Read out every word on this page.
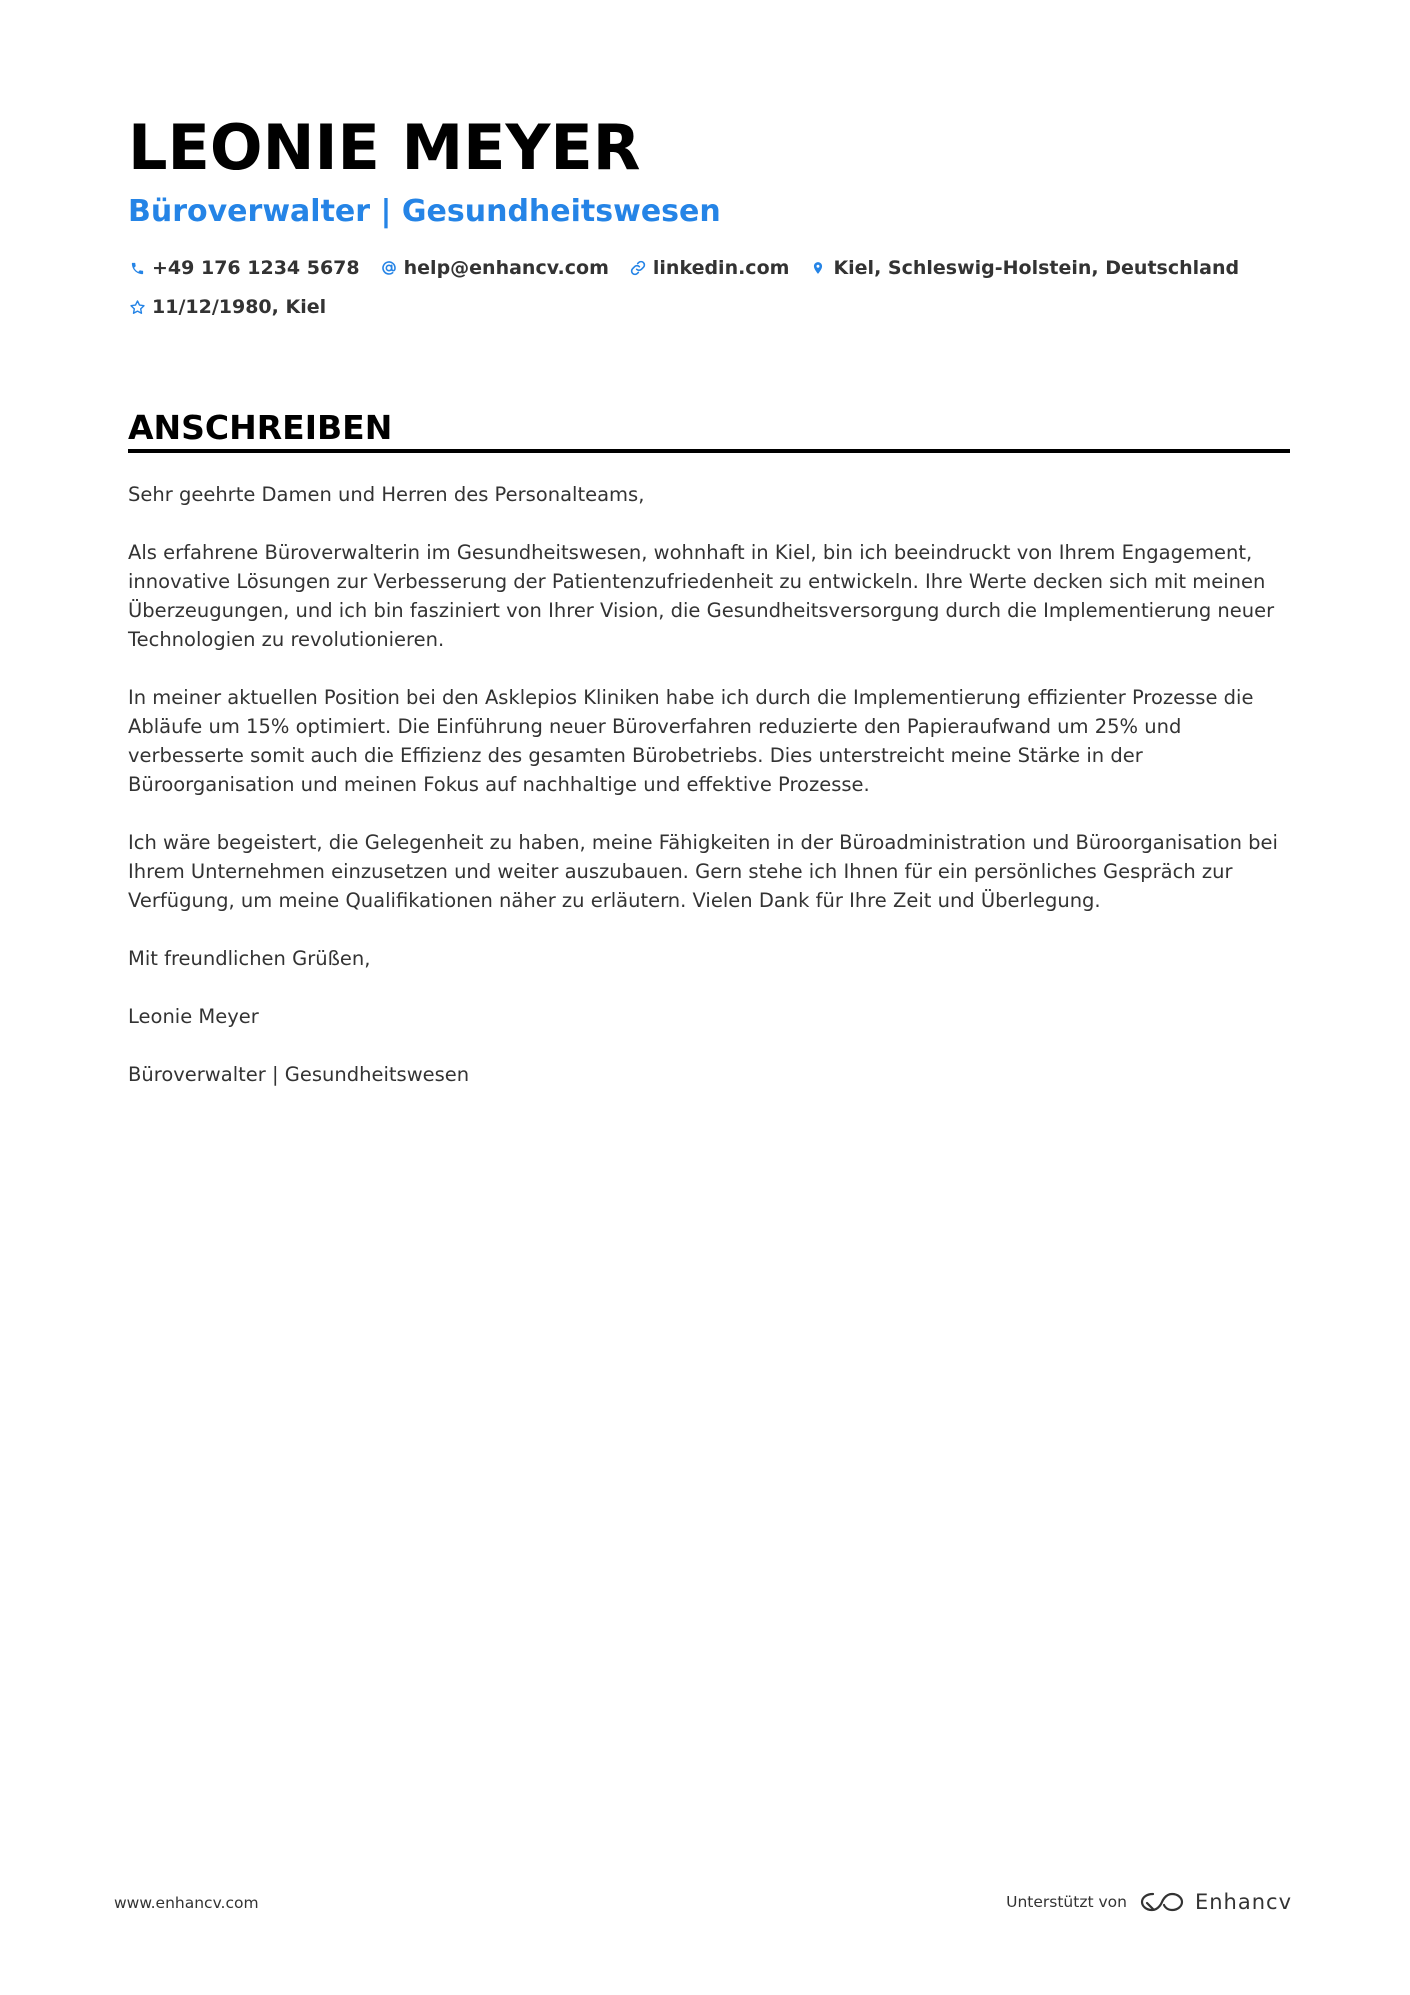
LEONIE MEYER
Büroverwalter | Gesundheitswesen
+49 176 1234 5678 help@enhancv.com linkedin.com Kiel, Schleswig-Holstein, Deutschland
11/12/1980, Kiel
ANSCHREIBEN

Sehr geehrte Damen und Herren des Personalteams,

Als erfahrene Büroverwalterin im Gesundheitswesen, wohnhaft in Kiel, bin ich beeindruckt von Ihrem Engagement, innovative Lösungen zur Verbesserung der Patientenzufriedenheit zu entwickeln. Ihre Werte decken sich mit meinen Überzeugungen, und ich bin fasziniert von Ihrer Vision, die Gesundheitsversorgung durch die Implementierung neuer Technologien zu revolutionieren.

In meiner aktuellen Position bei den Asklepios Kliniken habe ich durch die Implementierung effizienter Prozesse die Abläufe um 15% optimiert. Die Einführung neuer Büroverfahren reduzierte den Papieraufwand um 25% und verbesserte somit auch die Effizienz des gesamten Bürobetriebs. Dies unterstreicht meine Stärke in der Büroorganisation und meinen Fokus auf nachhaltige und effektive Prozesse.

Ich wäre begeistert, die Gelegenheit zu haben, meine Fähigkeiten in der Büroadministration und Büroorganisation bei Ihrem Unternehmen einzusetzen und weiter auszubauen. Gern stehe ich Ihnen für ein persönliches Gespräch zur Verfügung, um meine Qualifikationen näher zu erläutern. Vielen Dank für Ihre Zeit und Überlegung.

Mit freundlichen Grüßen,

Leonie Meyer

Büroverwalter | Gesundheitswesen

www.enhancv.com	Unterstützt von	Enhancv
